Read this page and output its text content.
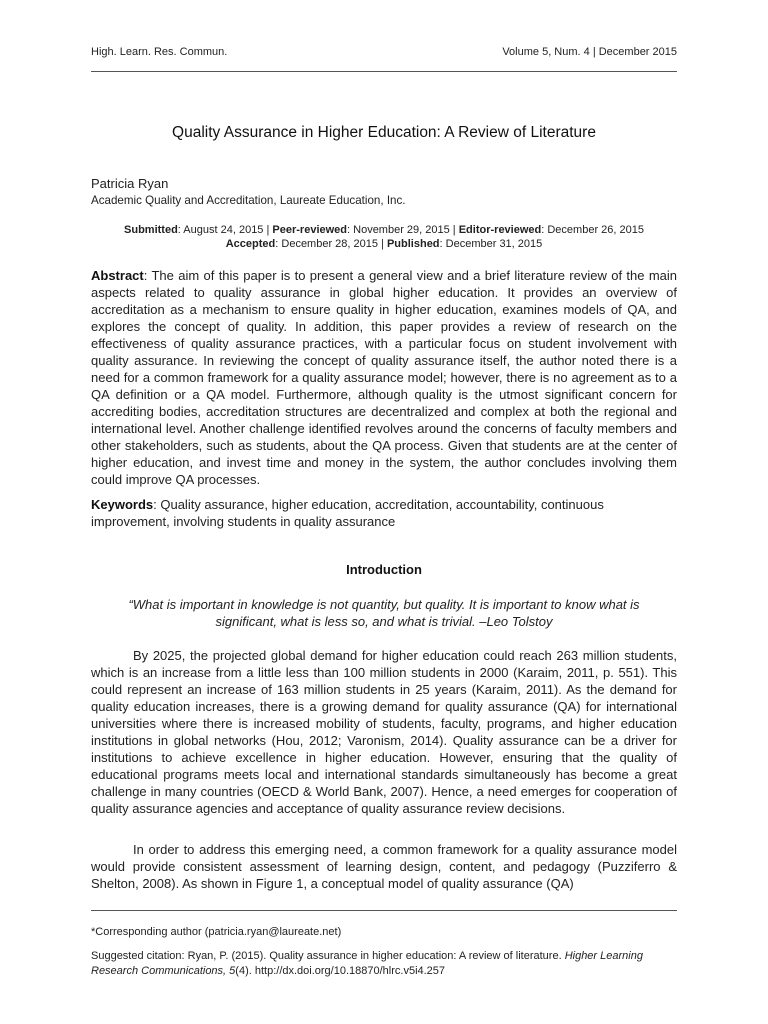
High. Learn. Res. Commun.	Volume 5, Num. 4 | December 2015
Quality Assurance in Higher Education: A Review of Literature
Patricia Ryan
Academic Quality and Accreditation, Laureate Education, Inc.
Submitted: August 24, 2015 | Peer-reviewed: November 29, 2015 | Editor-reviewed: December 26, 2015
Accepted: December 28, 2015 | Published: December 31, 2015
Abstract: The aim of this paper is to present a general view and a brief literature review of the main aspects related to quality assurance in global higher education. It provides an overview of accreditation as a mechanism to ensure quality in higher education, examines models of QA, and explores the concept of quality. In addition, this paper provides a review of research on the effectiveness of quality assurance practices, with a particular focus on student involvement with quality assurance. In reviewing the concept of quality assurance itself, the author noted there is a need for a common framework for a quality assurance model; however, there is no agreement as to a QA definition or a QA model. Furthermore, although quality is the utmost significant concern for accrediting bodies, accreditation structures are decentralized and complex at both the regional and international level. Another challenge identified revolves around the concerns of faculty members and other stakeholders, such as students, about the QA process. Given that students are at the center of higher education, and invest time and money in the system, the author concludes involving them could improve QA processes.
Keywords: Quality assurance, higher education, accreditation, accountability, continuous improvement, involving students in quality assurance
Introduction
“What is important in knowledge is not quantity, but quality. It is important to know what is significant, what is less so, and what is trivial. –Leo Tolstoy

By 2025, the projected global demand for higher education could reach 263 million students, which is an increase from a little less than 100 million students in 2000 (Karaim, 2011, p. 551). This could represent an increase of 163 million students in 25 years (Karaim, 2011). As the demand for quality education increases, there is a growing demand for quality assurance (QA) for international universities where there is increased mobility of students, faculty, programs, and higher education institutions in global networks (Hou, 2012; Varonism, 2014). Quality assurance can be a driver for institutions to achieve excellence in higher education. However, ensuring that the quality of educational programs meets local and international standards simultaneously has become a great challenge in many countries (OECD & World Bank, 2007). Hence, a need emerges for cooperation of quality assurance agencies and acceptance of quality assurance review decisions.

In order to address this emerging need, a common framework for a quality assurance model would provide consistent assessment of learning design, content, and pedagogy (Puzziferro & Shelton, 2008). As shown in Figure 1, a conceptual model of quality assurance (QA)

*Corresponding author (patricia.ryan@laureate.net)
Suggested citation: Ryan, P. (2015). Quality assurance in higher education: A review of literature. Higher Learning Research Communications, 5(4). http://dx.doi.org/10.18870/hlrc.v5i4.257
